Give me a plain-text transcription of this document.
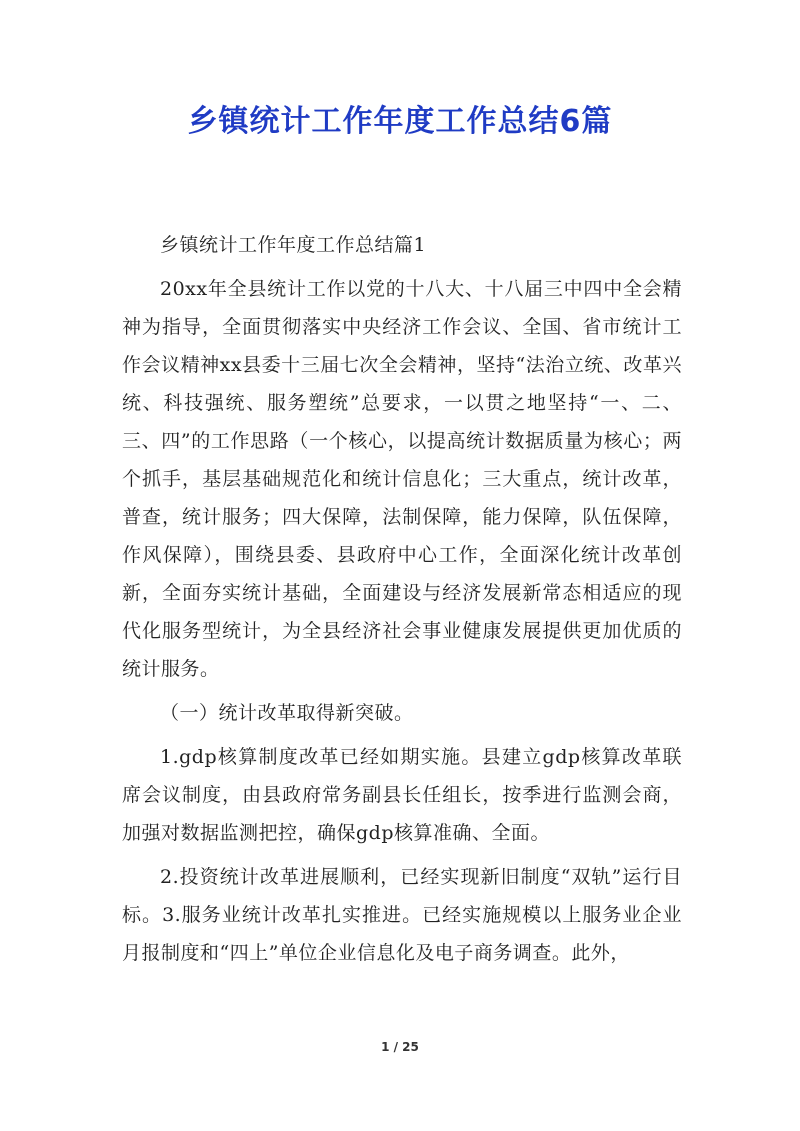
乡镇统计工作年度工作总结6篇

乡镇统计工作年度工作总结篇1

20xx年全县统计工作以党的十八大、十八届三中四中全会精神为指导，全面贯彻落实中央经济工作会议、全国、省市统计工作会议精神xx县委十三届七次全会精神，坚持“法治立统、改革兴统、科技强统、服务塑统”总要求，一以贯之地坚持“一、二、三、四”的工作思路（一个核心，以提高统计数据质量为核心；两个抓手，基层基础规范化和统计信息化；三大重点，统计改革，普查，统计服务；四大保障，法制保障，能力保障，队伍保障，作风保障），围绕县委、县政府中心工作，全面深化统计改革创新，全面夯实统计基础，全面建设与经济发展新常态相适应的现代化服务型统计，为全县经济社会事业健康发展提供更加优质的统计服务。

（一）统计改革取得新突破。

1.gdp核算制度改革已经如期实施。县建立gdp核算改革联席会议制度，由县政府常务副县长任组长，按季进行监测会商，加强对数据监测把控，确保gdp核算准确、全面。

2.投资统计改革进展顺利，已经实现新旧制度“双轨”运行目标。3.服务业统计改革扎实推进。已经实施规模以上服务业企业月报制度和“四上”单位企业信息化及电子商务调查。此外，

1 / 25
